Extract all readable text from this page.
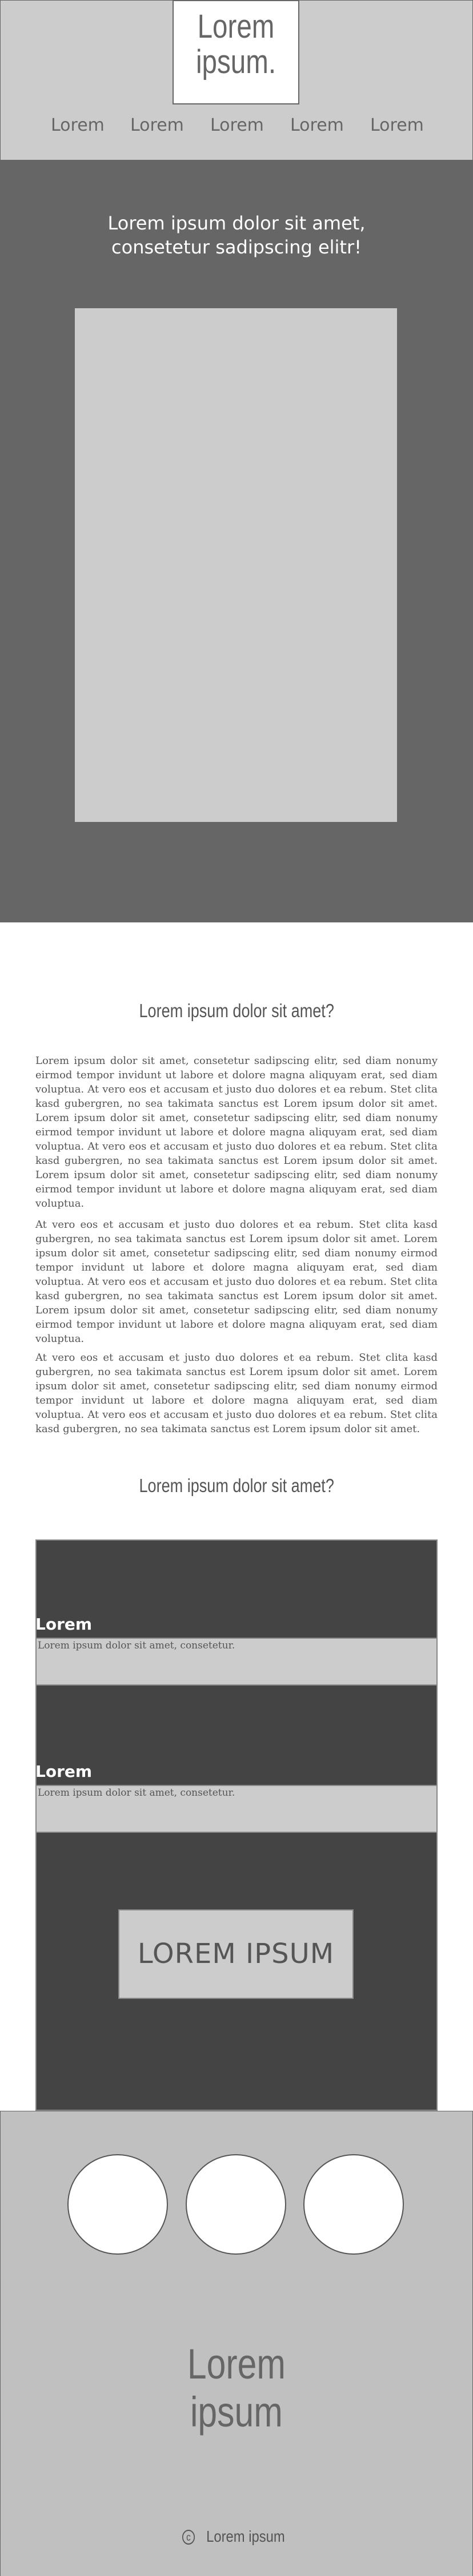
Lorem
ipsum.
Lorem Lorem Lorem Lorem Lorem
Lorem ipsum dolor sit amet,
consetetur sadipscing elitr!
Lorem ipsum dolor sit amet?
Lorem ipsum dolor sit amet, consetetur sadipscing elitr, sed diam nonumy eirmod tempor invidunt ut labore et dolore magna aliquyam erat, sed diam voluptua. At vero eos et accusam et justo duo dolores et ea rebum. Stet clita kasd gubergren, no sea takimata sanctus est Lorem ipsum dolor sit amet. Lorem ipsum dolor sit amet, consetetur sadipscing elitr, sed diam nonumy eirmod tempor invidunt ut labore et dolore magna aliquyam erat, sed diam voluptua. At vero eos et accusam et justo duo dolores et ea rebum. Stet clita kasd gubergren, no sea takimata sanctus est Lorem ipsum dolor sit amet. Lorem ipsum dolor sit amet, consetetur sadipscing elitr, sed diam nonumy eirmod tempor invidunt ut labore et dolore magna aliquyam erat, sed diam voluptua.
At vero eos et accusam et justo duo dolores et ea rebum. Stet clita kasd gubergren, no sea takimata sanctus est Lorem ipsum dolor sit amet. Lorem ipsum dolor sit amet, consetetur sadipscing elitr, sed diam nonumy eirmod tempor invidunt ut labore et dolore magna aliquyam erat, sed diam voluptua. At vero eos et accusam et justo duo dolores et ea rebum. Stet clita kasd gubergren, no sea takimata sanctus est Lorem ipsum dolor sit amet. Lorem ipsum dolor sit amet, consetetur sadipscing elitr, sed diam nonumy eirmod tempor invidunt ut labore et dolore magna aliquyam erat, sed diam voluptua.
At vero eos et accusam et justo duo dolores et ea rebum. Stet clita kasd gubergren, no sea takimata sanctus est Lorem ipsum dolor sit amet. Lorem ipsum dolor sit amet, consetetur sadipscing elitr, sed diam nonumy eirmod tempor invidunt ut labore et dolore magna aliquyam erat, sed diam voluptua. At vero eos et accusam et justo duo dolores et ea rebum. Stet clita kasd gubergren, no sea takimata sanctus est Lorem ipsum dolor sit amet.
Lorem ipsum dolor sit amet?
Lorem
Lorem ipsum dolor sit amet, consetetur.
Lorem
Lorem ipsum dolor sit amet, consetetur.
LOREM IPSUM
Lorem
ipsum
c Lorem ipsum
